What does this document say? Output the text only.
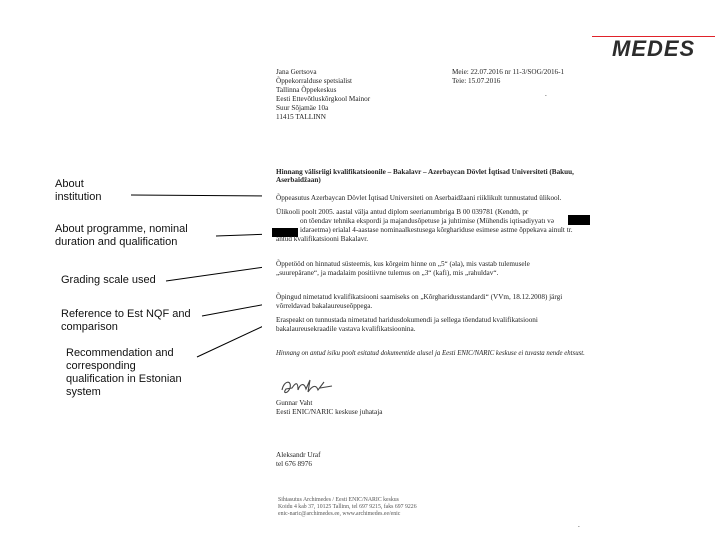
MEDES
About institution
About programme, nominal duration and qualification
Grading scale used
Reference to Est NQF and comparison
Recommendation and corresponding qualification in Estonian system
Jana Gertsova
Õppekorralduse spetsialist
Tallinna Õppekeskus
Eesti Ettevõtluskõrgkool Mainor
Suur Sõjamäe 10a
11415 TALLINN
Meie: 22.07.2016 nr 11-3/SOG/2016-1
Teie: 15.07.2016
Hinnang välisriigi kvalifikatsioonile – Bakalavr – Azerbaycan Dövlet İqtisad Universiteti (Bakuu, Aserbaidžaan)
Õppeasutus Azerbaycan Dövlet İqtisad Universiteti on Aserbaidžaani riiklikult tunnustatud ülikool.
Ülikooli poolt 2005. aastal välja antud diplom seerianumbriga B 00 039781 (Kendth, pr
on tõendav tehnika ekspordi ja majandusõpetuse ja juhtimise (Mühendis iqtisadiyyatı və
idarəetmə) erialal 4-aastase nominaalkestusega kõrghariduse esimese astme õppekava ainult tr.
antud kvalifikatsiooni Bakalavr.
Õppetööd on hinnatud süsteemis, kus kõrgeim hinne on „5“ (əla), mis vastab tulemusele
„suurepärane“, ja madalaim positiivne tulemus on „3“ (kafi), mis „rahuldav“.
Õpingud nimetatud kvalifikatsiooni saamiseks on „Kõrgharidusstandardi“ (VVm, 18.12.2008) järgi
võrreldavad bakalaureuseõppega.
Eraspeakt on tunnustada nimetatud haridusdokumendi ja sellega tõendatud kvalifikatsiooni
bakalaureusekraadile vastava kvalifikatsioonina.
Hinnang on antud isiku poolt esitatud dokumentide alusel ja Eesti ENIC/NARIC keskuse ei tuvasta nende ehtsust.
Gunnar Vaht
Eesti ENIC/NARIC keskuse juhataja
Aleksandr Uraf
tel 676 8976
Sihtasutus Archimedes / Eesti ENIC/NARIC keskus
Koidu 4 kab 37, 10125 Tallinn, tel 697 9215, faks 697 9226
enic-naric@archimedes.ee, www.archimedes.ee/enic
.
.
